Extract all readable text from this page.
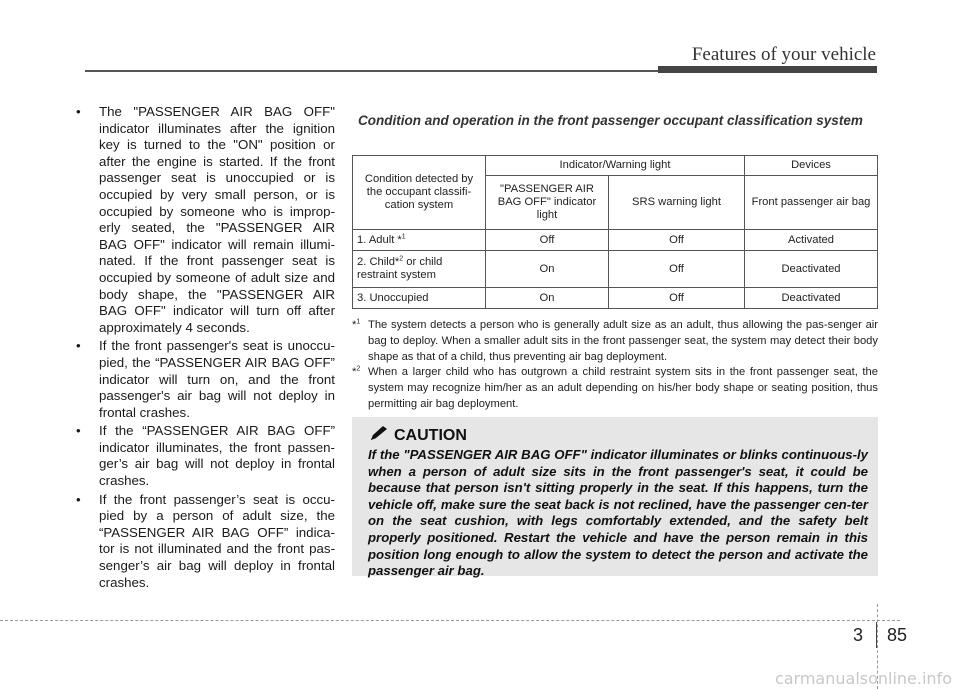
Features of your vehicle
• The "PASSENGER AIR BAG OFF" indicator illuminates after the ignition key is turned to the "ON" position or after the engine is started. If the front passenger seat is unoccupied or is occupied by very small person, or is occupied by someone who is improp-erly seated, the "PASSENGER AIR BAG OFF" indicator will remain illumi-nated. If the front passenger seat is occupied by someone of adult size and body shape, the "PASSENGER AIR BAG OFF" indicator will turn off after approximately 4 seconds.
• If the front passenger's seat is unoccu-pied, the “PASSENGER AIR BAG OFF” indicator will turn on, and the front passenger's air bag will not deploy in frontal crashes.
• If the “PASSENGER AIR BAG OFF” indicator illuminates, the front passen-ger’s air bag will not deploy in frontal crashes.
• If the front passenger’s seat is occu-pied by a person of adult size, the “PASSENGER AIR BAG OFF” indica-tor is not illuminated and the front pas-senger’s air bag will deploy in frontal crashes.
Condition and operation in the front passenger occupant classification system
Condition detected by the occupant classifi-cation system	Indicator/Warning light		Devices
	"PASSENGER AIR BAG OFF" indicator light	SRS warning light	Front passenger air bag
1. Adult *$^1$	Off	Off	Activated
2. Child*$^2$ or child restraint system	On	Off	Deactivated
3. Unoccupied	On	Off	Deactivated
*$^1$ The system detects a person who is generally adult size as an adult, thus allowing the pas-senger air bag to deploy. When a smaller adult sits in the front passenger seat, the system may detect their body shape as that of a child, thus preventing air bag deployment.
*$^2$ When a larger child who has outgrown a child restraint system sits in the front passenger seat, the system may recognize him/her as an adult depending on his/her body shape or seating position, thus permitting air bag deployment.
CAUTION
If the "PASSENGER AIR BAG OFF" indicator illuminates or blinks continuous-ly when a person of adult size sits in the front passenger's seat, it could be because that person isn't sitting properly in the seat. If this happens, turn the vehicle off, make sure the seat back is not reclined, have the passenger cen-ter on the seat cushion, with legs comfortably extended, and the safety belt properly positioned. Restart the vehicle and have the person remain in this position long enough to allow the system to detect the person and activate the passenger air bag.
3 85
carmanualsonline.info
